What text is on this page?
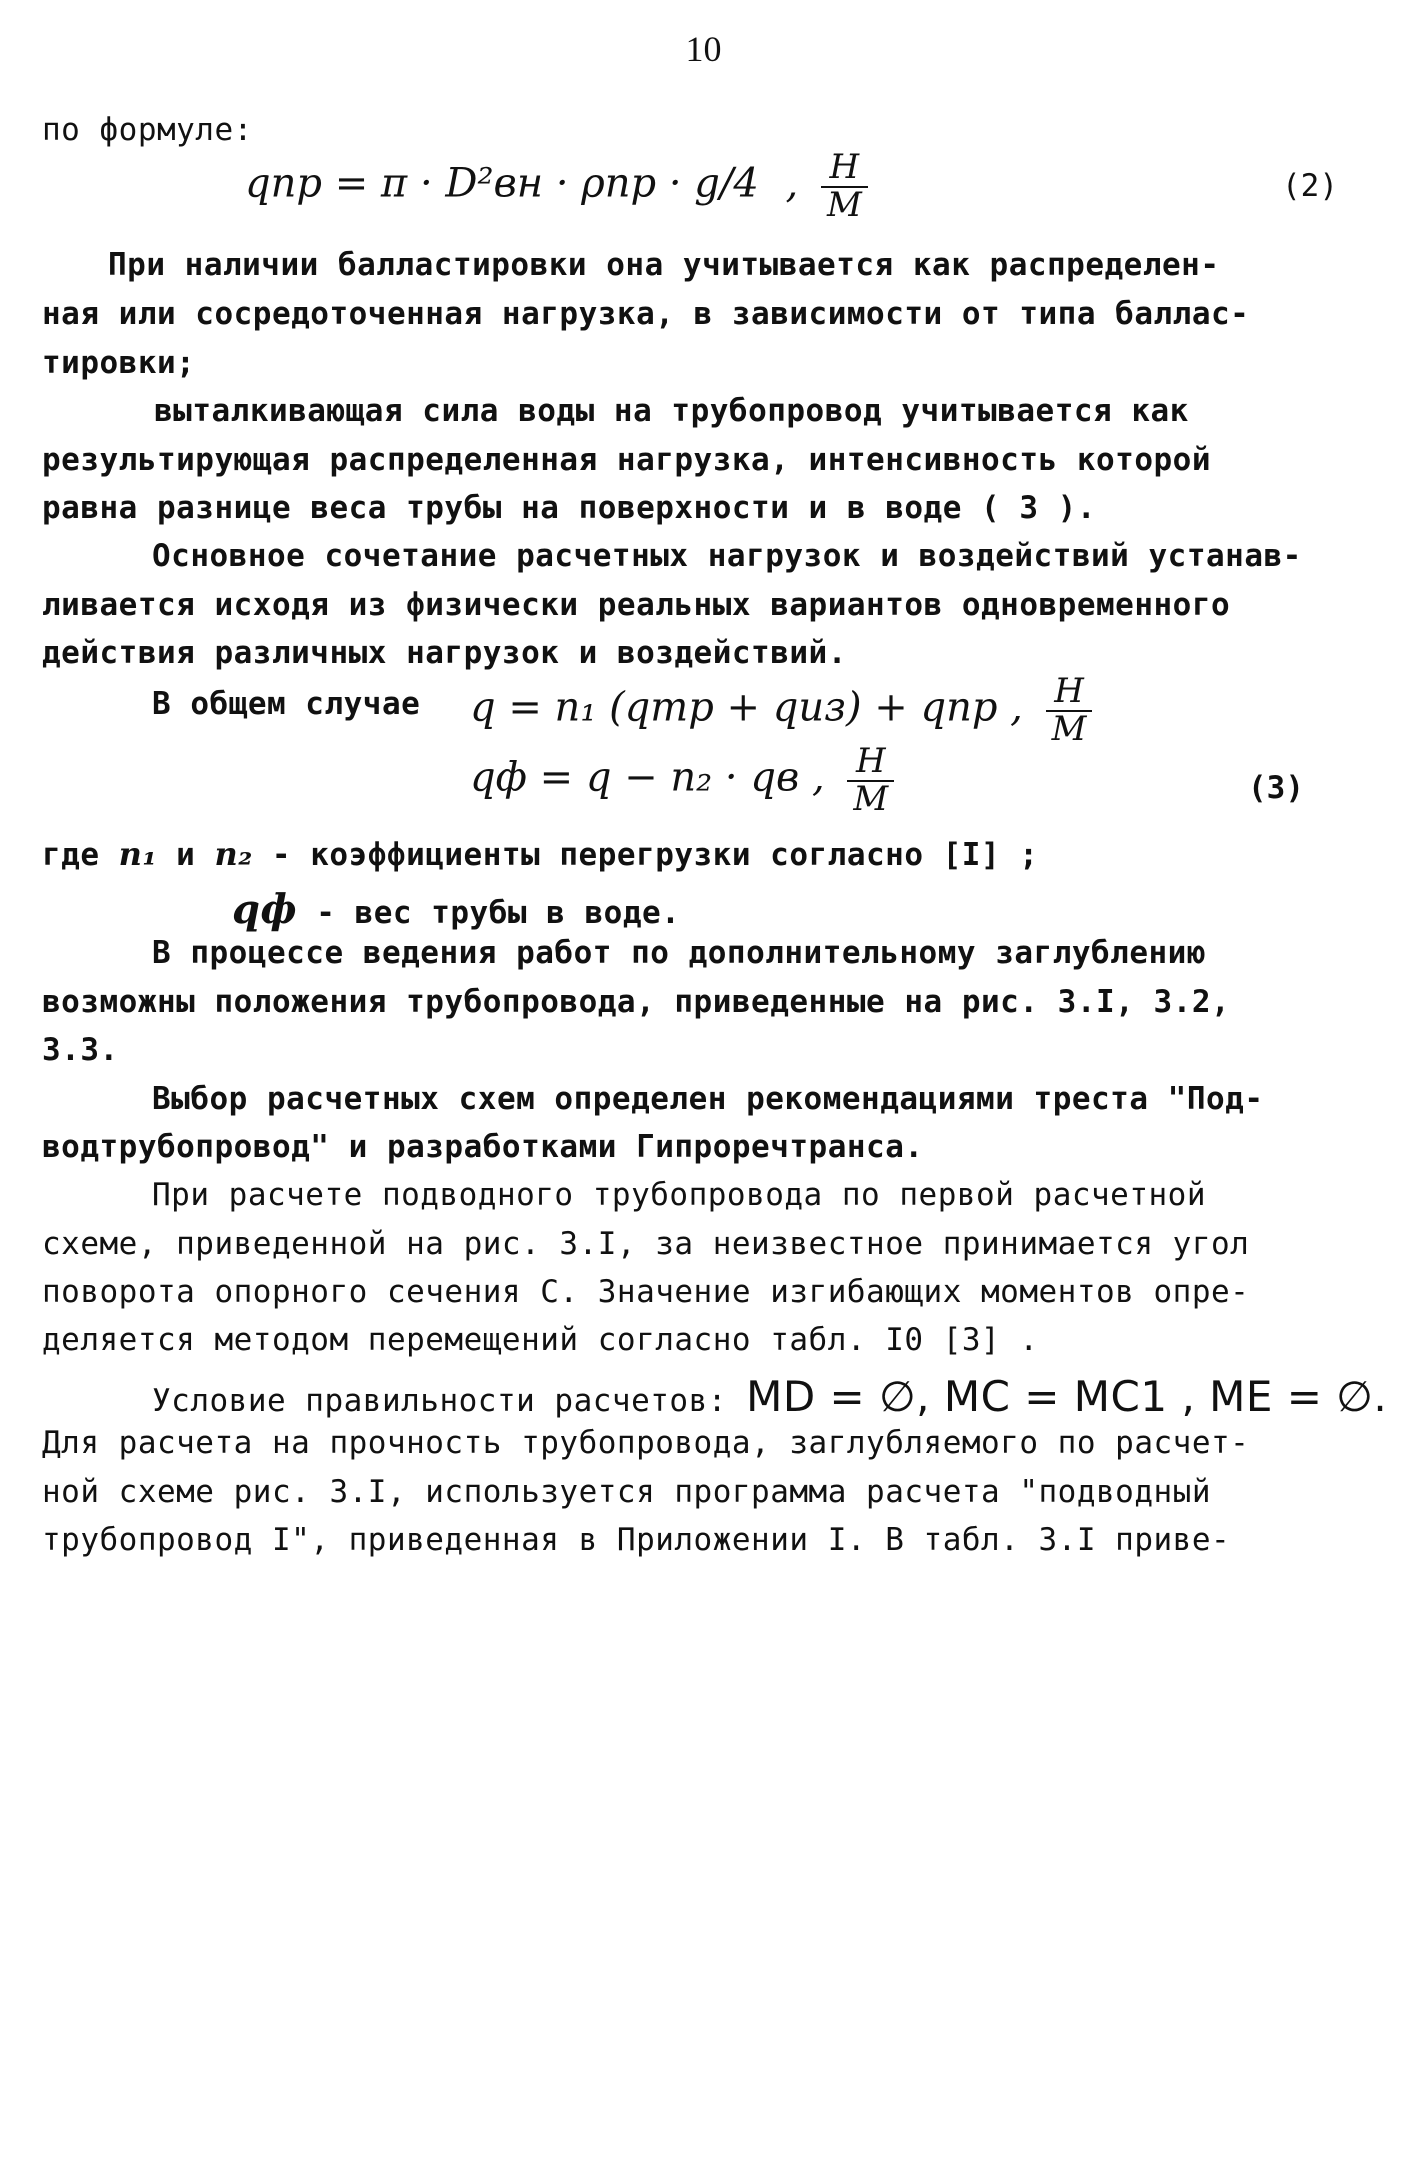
10
по формуле:
qпр = π · D²вн · ρпр · g/4 , $\frac{Н}{М}$	(2)
При наличии балластировки она учитывается как распределен-
ная или сосредоточенная нагрузка, в зависимости от типа баллас-
тировки;
выталкивающая сила воды на трубопровод учитывается как
результирующая распределенная нагрузка, интенсивность которой
равна разнице веса трубы на поверхности и в воде ( 3 ).
Основное сочетание расчетных нагрузок и воздействий устанав-
ливается исходя из физически реальных вариантов одновременного
действия различных нагрузок и воздействий.
В общем случае q = n₁ (qтр + qиз) + qпр , $\frac{Н}{М}$
qф = q − n₂ · qв , $\frac{Н}{М}$	(3)
где n₁ и n₂ - коэффициенты перегрузки согласно [I] ;
qф - вес трубы в воде.
В процессе ведения работ по дополнительному заглублению
возможны положения трубопровода, приведенные на рис. 3.I, 3.2,
3.3.
Выбор расчетных схем определен рекомендациями треста "Под-
водтрубопровод" и разработками Гипроречтранса.
При расчете подводного трубопровода по первой расчетной
схеме, приведенной на рис. 3.I, за неизвестное принимается угол
поворота опорного сечения С. Значение изгибающих моментов опре-
деляется методом перемещений согласно табл. I0 [3] .
Условие правильности расчетов: MD = ∅, MC = MC1 , ME = ∅.
Для расчета на прочность трубопровода, заглубляемого по расчет-
ной схеме рис. 3.I, используется программа расчета "подводный
трубопровод I", приведенная в Приложении I. В табл. 3.I приве-
